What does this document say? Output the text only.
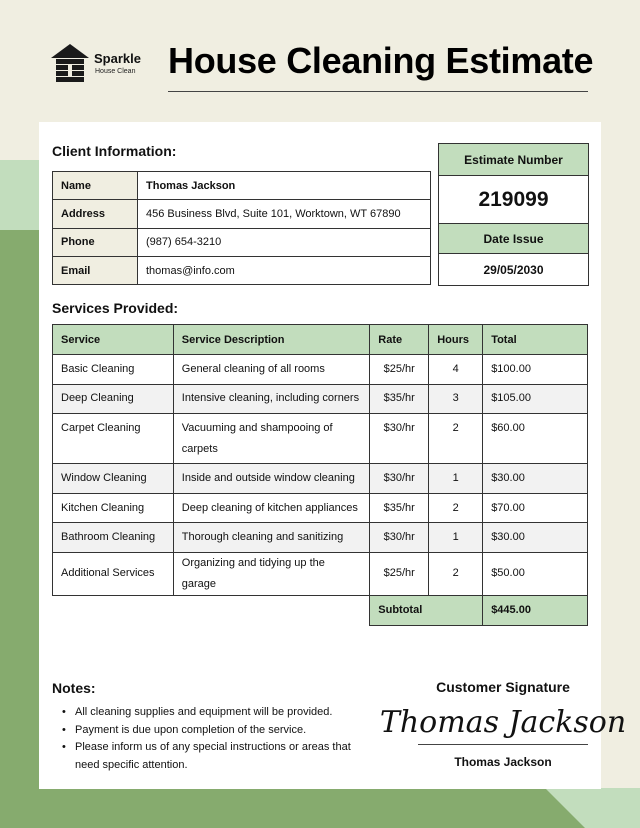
Sparkle
House Clean House Cleaning Estimate
Client Information:
Name	Thomas Jackson
Address	456 Business Blvd, Suite 101, Worktown, WT 67890
Phone	(987) 654-3210
Email	thomas@info.com
Estimate Number
219099
Date Issue
29/05/2030
Services Provided:
Service	Service Description	Rate	Hours	Total
Basic Cleaning	General cleaning of all rooms	$25/hr	4	$100.00
Deep Cleaning	Intensive cleaning, including corners	$35/hr	3	$105.00
Carpet Cleaning	Vacuuming and shampooing of carpets	$30/hr	2	$60.00
Window Cleaning	Inside and outside window cleaning	$30/hr	1	$30.00
Kitchen Cleaning	Deep cleaning of kitchen appliances	$35/hr	2	$70.00
Bathroom Cleaning	Thorough cleaning and sanitizing	$30/hr	1	$30.00
Additional Services	Organizing and tidying up the garage	$25/hr	2	$50.00
		Subtotal		$445.00
Notes:
• All cleaning supplies and equipment will be provided.
• Payment is due upon completion of the service.
• Please inform us of any special instructions or areas that need specific attention.
Customer Signature
Thomas Jackson
Thomas Jackson
